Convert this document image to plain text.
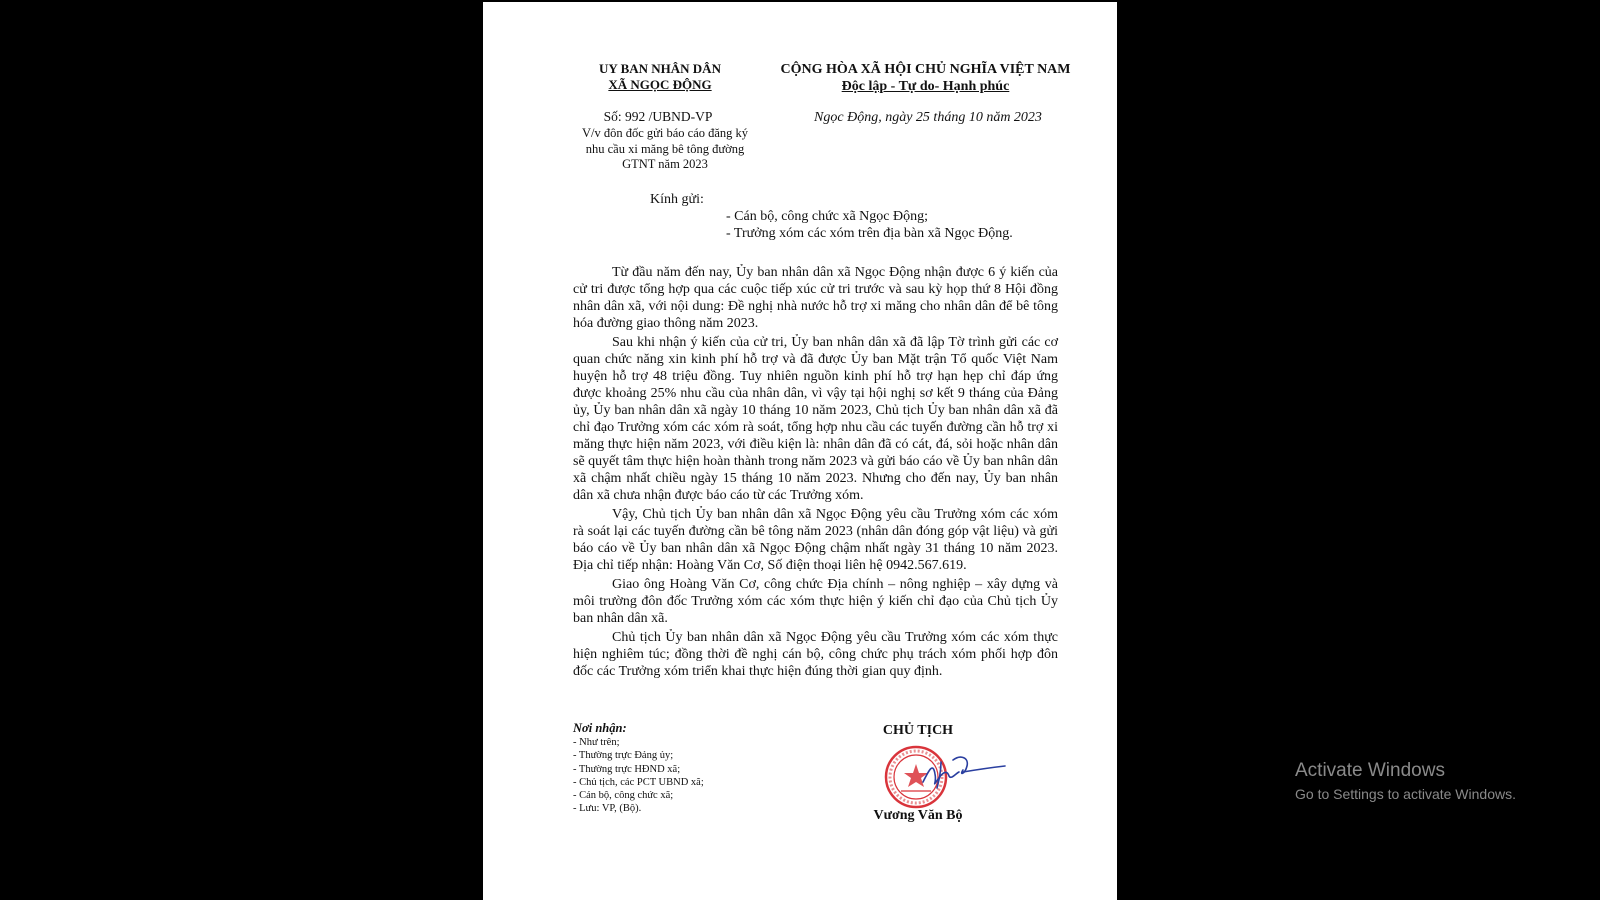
UY BAN NHÂN DÂN
XÃ NGỌC ĐỘNG
CỘNG HÒA XÃ HỘI CHỦ NGHĨA VIỆT NAM
Độc lập - Tự do- Hạnh phúc
Số: 992 /UBND-VP
V/v đôn đốc gửi báo cáo đăng ký nhu cầu xi măng bê tông đường GTNT năm 2023
Ngọc Động, ngày 25 tháng 10 năm 2023
Kính gửi:
- Cán bộ, công chức xã Ngọc Động;
- Trưởng xóm các xóm trên địa bàn xã Ngọc Động.

Từ đầu năm đến nay, Ủy ban nhân dân xã Ngọc Động nhận được 6 ý kiến của cử tri được tổng hợp qua các cuộc tiếp xúc cử tri trước và sau kỳ họp thứ 8 Hội đồng nhân dân xã, với nội dung: Đề nghị nhà nước hỗ trợ xi măng cho nhân dân để bê tông hóa đường giao thông năm 2023.

Sau khi nhận ý kiến của cử tri, Ủy ban nhân dân xã đã lập Tờ trình gửi các cơ quan chức năng xin kinh phí hỗ trợ và đã được Ủy ban Mặt trận Tổ quốc Việt Nam huyện hỗ trợ 48 triệu đồng. Tuy nhiên nguồn kinh phí hỗ trợ hạn hẹp chỉ đáp ứng được khoảng 25% nhu cầu của nhân dân, vì vậy tại hội nghị sơ kết 9 tháng của Đảng ủy, Ủy ban nhân dân xã ngày 10 tháng 10 năm 2023, Chủ tịch Ủy ban nhân dân xã đã chỉ đạo Trưởng xóm các xóm rà soát, tổng hợp nhu cầu các tuyến đường cần hỗ trợ xi măng thực hiện năm 2023, với điều kiện là: nhân dân đã có cát, đá, sỏi hoặc nhân dân sẽ quyết tâm thực hiện hoàn thành trong năm 2023 và gửi báo cáo về Ủy ban nhân dân xã chậm nhất chiều ngày 15 tháng 10 năm 2023. Nhưng cho đến nay, Ủy ban nhân dân xã chưa nhận được báo cáo từ các Trưởng xóm.

Vậy, Chủ tịch Ủy ban nhân dân xã Ngọc Động yêu cầu Trưởng xóm các xóm rà soát lại các tuyến đường cần bê tông năm 2023 (nhân dân đóng góp vật liệu) và gửi báo cáo về Ủy ban nhân dân xã Ngọc Động chậm nhất ngày 31 tháng 10 năm 2023. Địa chỉ tiếp nhận: Hoàng Văn Cơ, Số điện thoại liên hệ 0942.567.619.

Giao ông Hoàng Văn Cơ, công chức Địa chính – nông nghiệp – xây dựng và môi trường đôn đốc Trưởng xóm các xóm thực hiện ý kiến chỉ đạo của Chủ tịch Ủy ban nhân dân xã.

Chủ tịch Ủy ban nhân dân xã Ngọc Động yêu cầu Trưởng xóm các xóm thực hiện nghiêm túc; đồng thời đề nghị cán bộ, công chức phụ trách xóm phối hợp đôn đốc các Trưởng xóm triển khai thực hiện đúng thời gian quy định.

Nơi nhận:
- Như trên;
- Thường trực Đảng ủy;
- Thường trực HĐND xã;
- Chủ tịch, các PCT UBND xã;
- Cán bộ, công chức xã;
- Lưu: VP, (Bộ).
CHỦ TỊCH
Vương Văn Bộ
Activate Windows
Go to Settings to activate Windows.
